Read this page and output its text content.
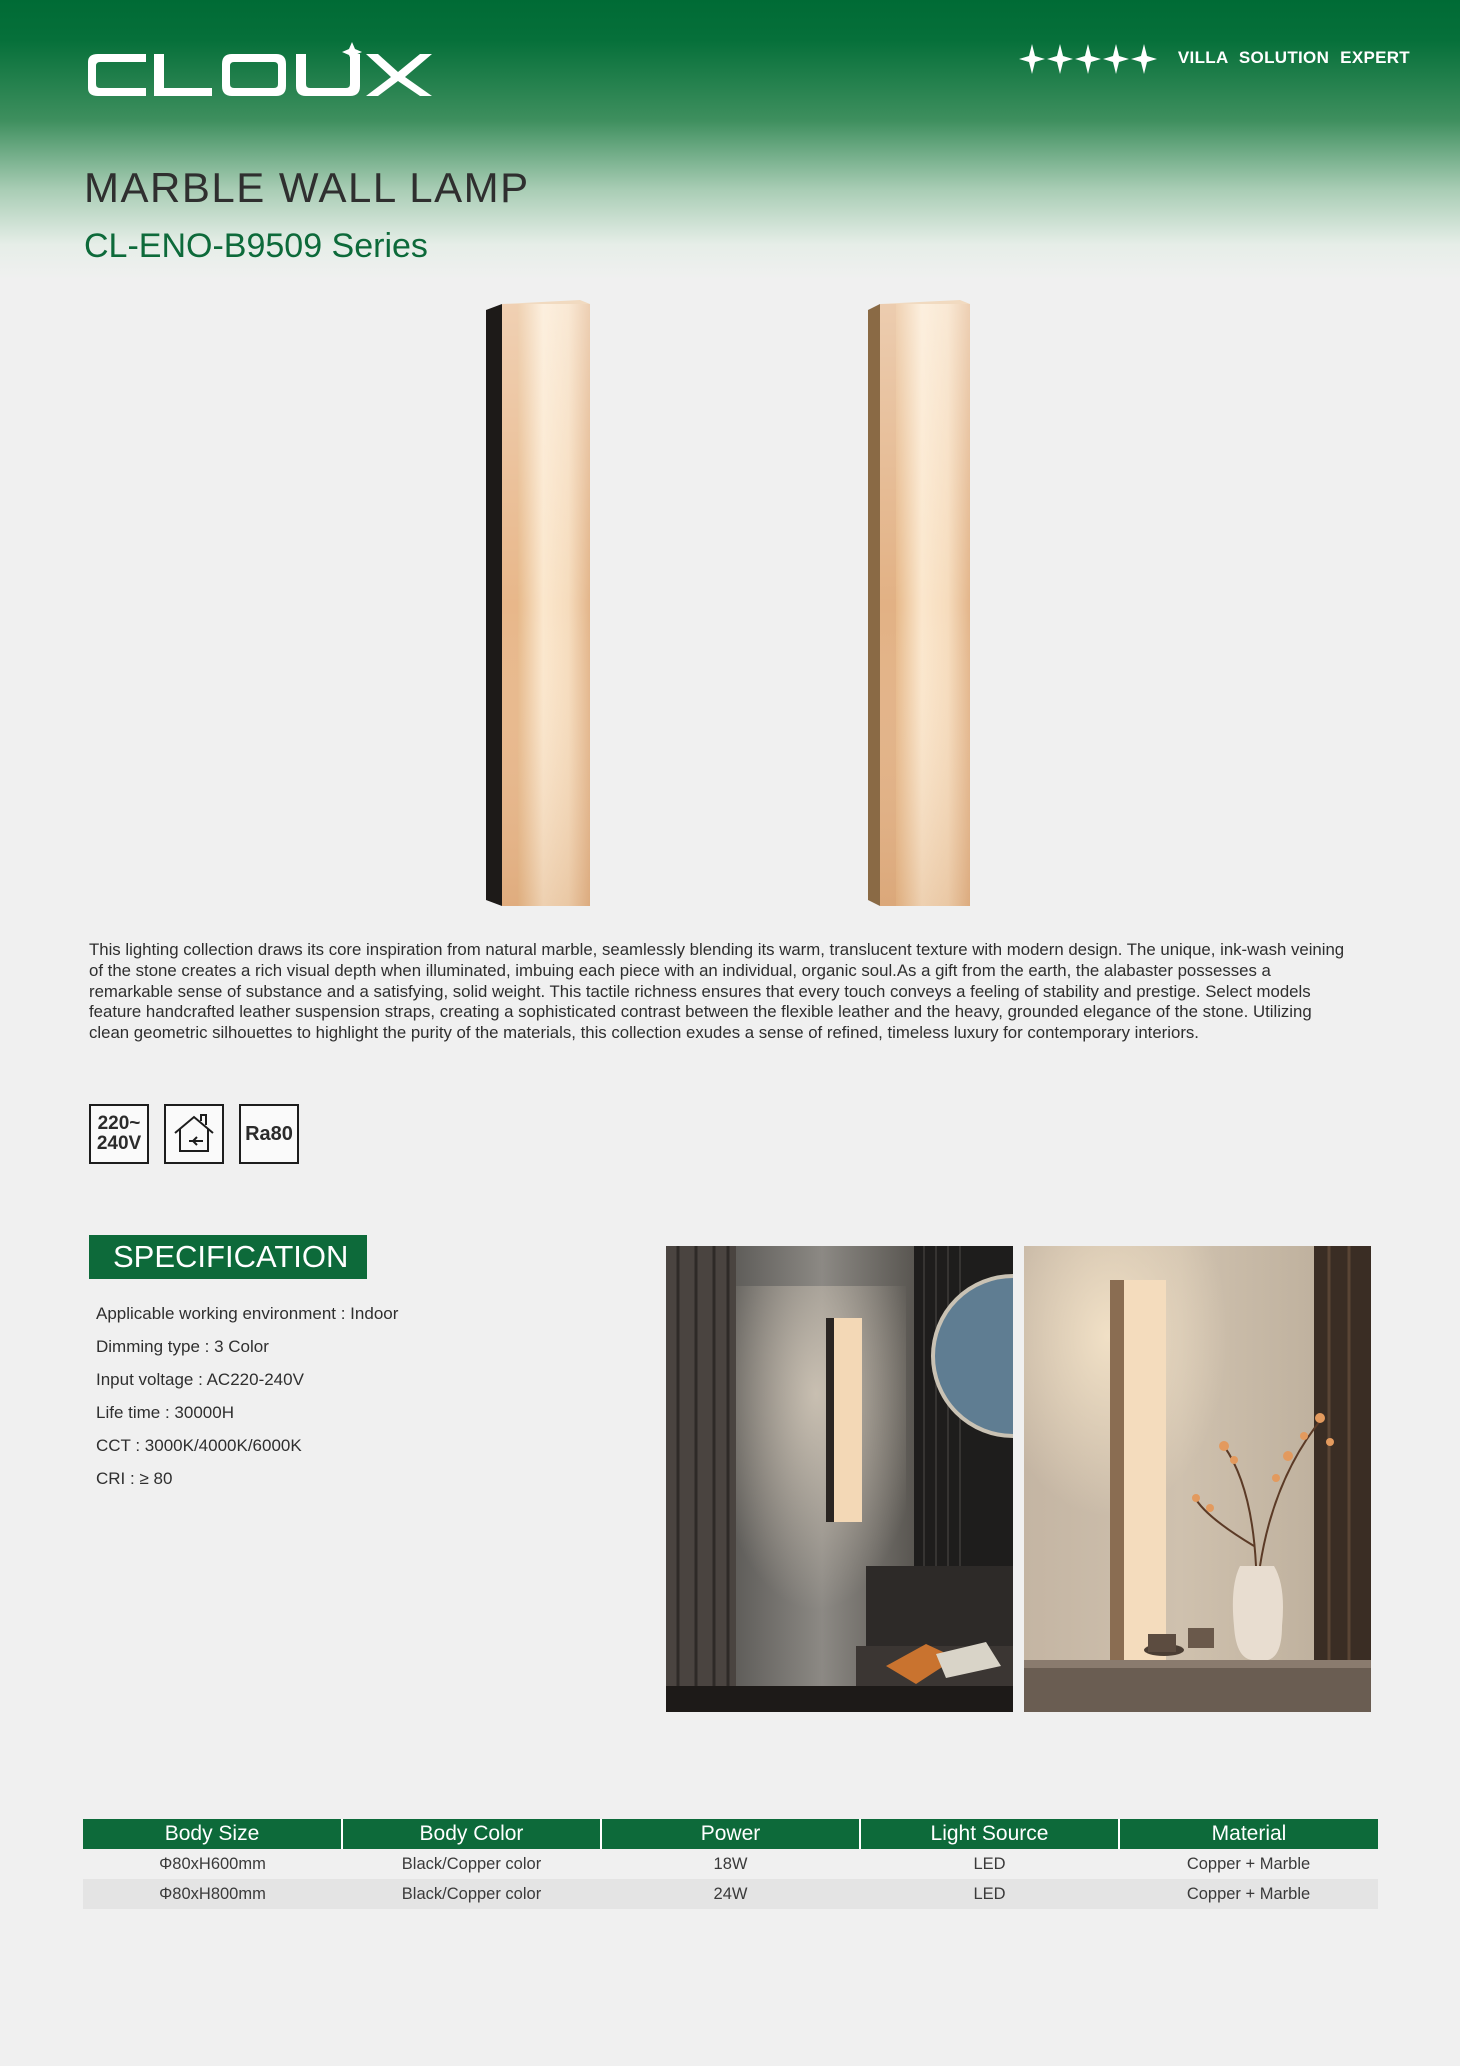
VILLA SOLUTION EXPERT
MARBLE WALL LAMP
CL-ENO-B9509 Series
This lighting collection draws its core inspiration from natural marble, seamlessly blending its warm, translucent texture with modern design. The unique, ink-wash veining of the stone creates a rich visual depth when illuminated, imbuing each piece with an individual, organic soul.As a gift from the earth, the alabaster possesses a remarkable sense of substance and a satisfying, solid weight. This tactile richness ensures that every touch conveys a feeling of stability and prestige. Select models feature handcrafted leather suspension straps, creating a sophisticated contrast between the flexible leather and the heavy, grounded elegance of the stone. Utilizing clean geometric silhouettes to highlight the purity of the materials, this collection exudes a sense of refined, timeless luxury for contemporary interiors.
220~
240V	Ra80
SPECIFICATION
Applicable working environment : Indoor
Dimming type : 3 Color
Input voltage : AC220-240V
Life time : 30000H
CCT : 3000K/4000K/6000K
CRI : ≥ 80
Body Size	Body Color	Power	Light Source	Material
Φ80xH600mm	Black/Copper color	18W	LED	Copper + Marble
Φ80xH800mm	Black/Copper color	24W	LED	Copper + Marble
